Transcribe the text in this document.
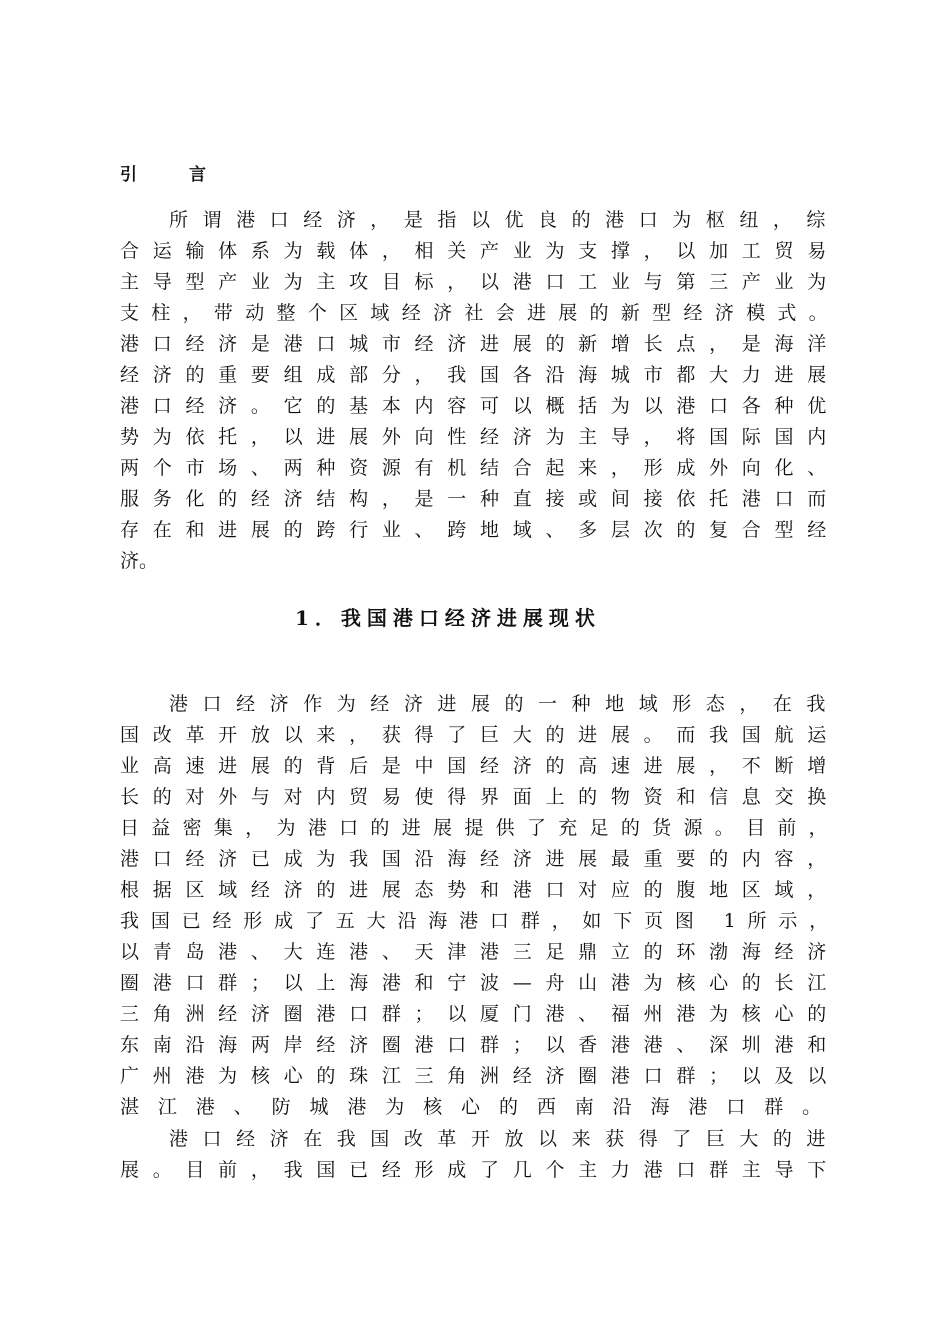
引　　言

所谓港口经济，是指以优良的港口为枢纽，综

合运输体系为载体，相关产业为支撑，以加工贸易

主导型产业为主攻目标，以港口工业与第三产业为

支柱，带动整个区域经济社会进展的新型经济模式。

港口经济是港口城市经济进展的新增长点，是海洋

经济的重要组成部分，我国各沿海城市都大力进展

港口经济。它的基本内容可以概括为以港口各种优

势为依托，以进展外向性经济为主导，将国际国内

两个市场、两种资源有机结合起来，形成外向化、

服务化的经济结构，是一种直接或间接依托港口而

存在和进展的跨行业、跨地域、多层次的复合型经

济。

1．我国港口经济进展现状

港口经济作为经济进展的一种地域形态，在我

国改革开放以来，获得了巨大的进展。而我国航运

业高速进展的背后是中国经济的高速进展，不断增

长的对外与对内贸易使得界面上的物资和信息交换

日益密集，为港口的进展提供了充足的货源。目前，

港口经济已成为我国沿海经济进展最重要的内容，

根据区域经济的进展态势和港口对应的腹地区域，

我国已经形成了五大沿海港口群，如下页图 1所示，

以青岛港、大连港、天津港三足鼎立的环渤海经济

圈港口群；以上海港和宁波—舟山港为核心的长江

三角洲经济圈港口群；以厦门港、福州港为核心的

东南沿海两岸经济圈港口群；以香港港、深圳港和

广州港为核心的珠江三角洲经济圈港口群；以及以

湛江港、防城港为核心的西南沿海港口群。

港口经济在我国改革开放以来获得了巨大的进

展。目前，我国已经形成了几个主力港口群主导下
